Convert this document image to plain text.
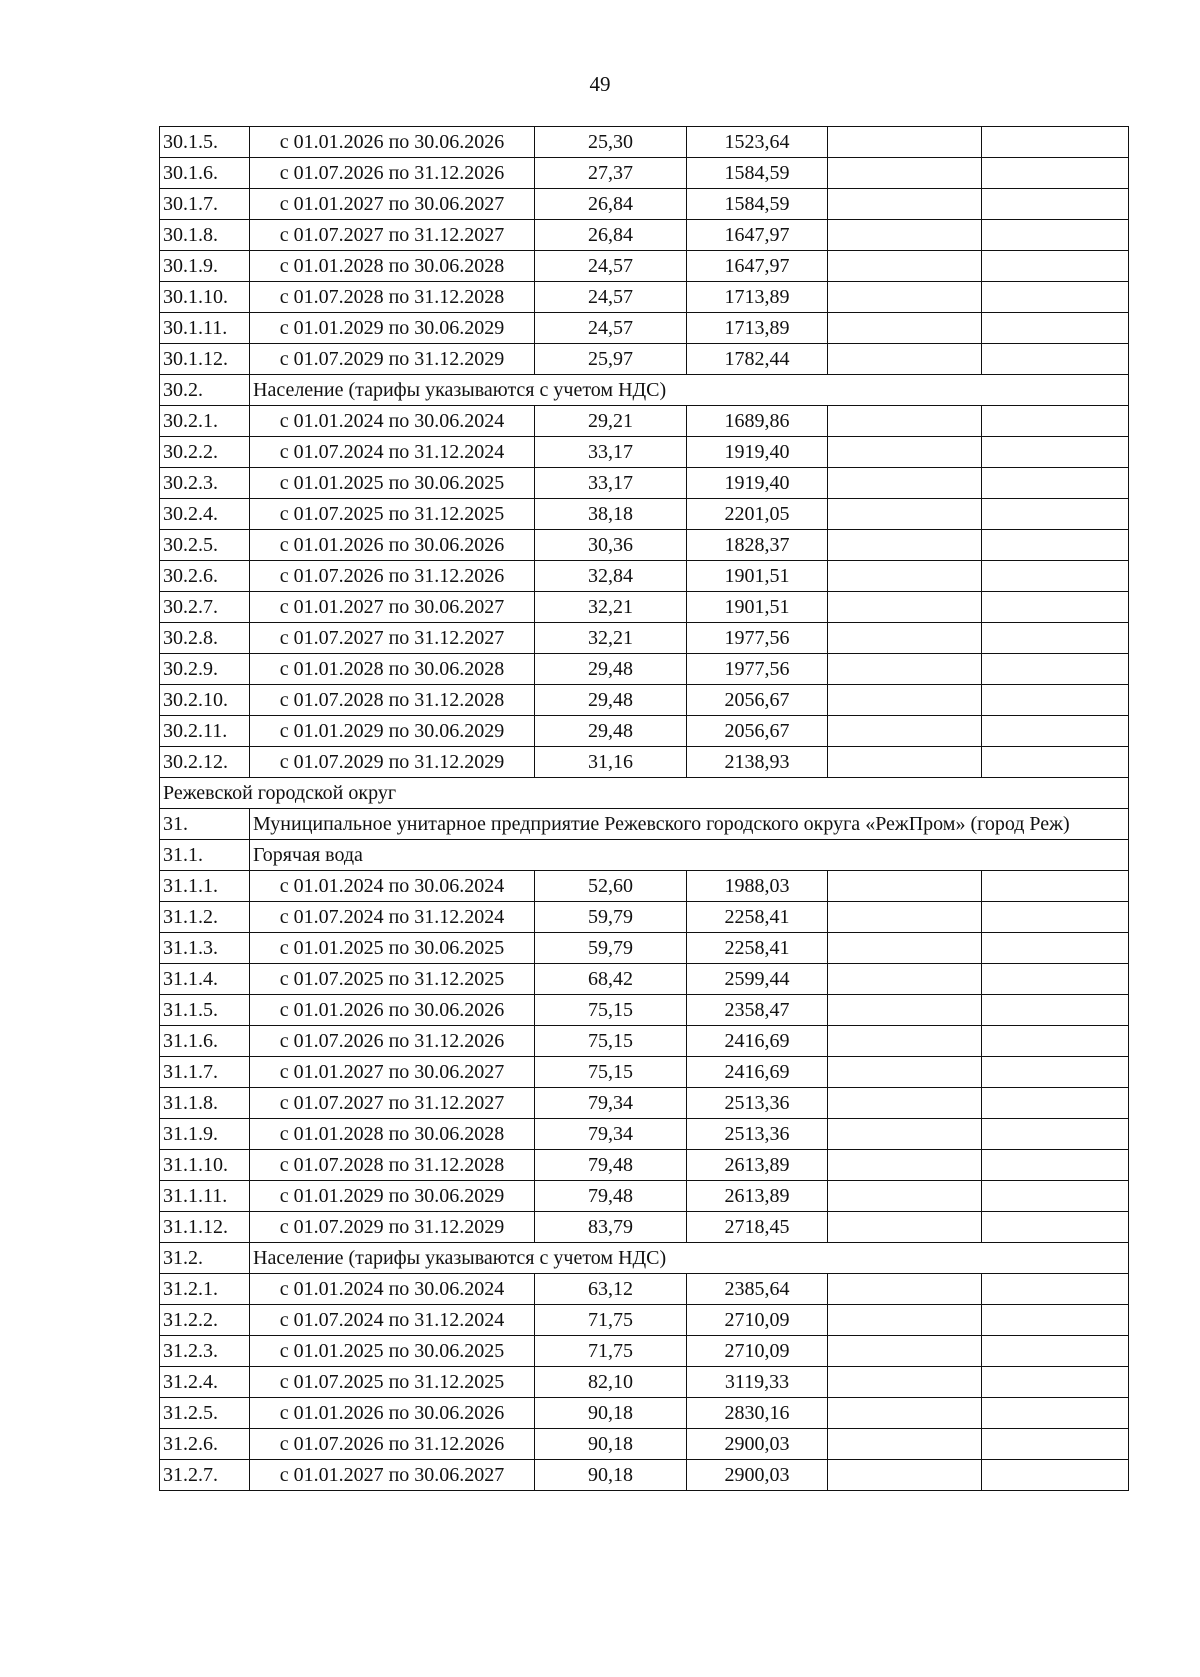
49
30.1.5.	с 01.01.2026 по 30.06.2026	25,30	1523,64		
30.1.6.	с 01.07.2026 по 31.12.2026	27,37	1584,59		
30.1.7.	с 01.01.2027 по 30.06.2027	26,84	1584,59		
30.1.8.	с 01.07.2027 по 31.12.2027	26,84	1647,97		
30.1.9.	с 01.01.2028 по 30.06.2028	24,57	1647,97		
30.1.10.	с 01.07.2028 по 31.12.2028	24,57	1713,89		
30.1.11.	с 01.01.2029 по 30.06.2029	24,57	1713,89		
30.1.12.	с 01.07.2029 по 31.12.2029	25,97	1782,44		
30.2.	Население (тарифы указываются с учетом НДС)				
30.2.1.	с 01.01.2024 по 30.06.2024	29,21	1689,86		
30.2.2.	с 01.07.2024 по 31.12.2024	33,17	1919,40		
30.2.3.	с 01.01.2025 по 30.06.2025	33,17	1919,40		
30.2.4.	с 01.07.2025 по 31.12.2025	38,18	2201,05		
30.2.5.	с 01.01.2026 по 30.06.2026	30,36	1828,37		
30.2.6.	с 01.07.2026 по 31.12.2026	32,84	1901,51		
30.2.7.	с 01.01.2027 по 30.06.2027	32,21	1901,51		
30.2.8.	с 01.07.2027 по 31.12.2027	32,21	1977,56		
30.2.9.	с 01.01.2028 по 30.06.2028	29,48	1977,56		
30.2.10.	с 01.07.2028 по 31.12.2028	29,48	2056,67		
30.2.11.	с 01.01.2029 по 30.06.2029	29,48	2056,67		
30.2.12.	с 01.07.2029 по 31.12.2029	31,16	2138,93		
Режевской городской округ					
31.	Муниципальное унитарное предприятие Режевского городского округа «РежПром» (город Реж)				
31.1.	Горячая вода				
31.1.1.	с 01.01.2024 по 30.06.2024	52,60	1988,03		
31.1.2.	с 01.07.2024 по 31.12.2024	59,79	2258,41		
31.1.3.	с 01.01.2025 по 30.06.2025	59,79	2258,41		
31.1.4.	с 01.07.2025 по 31.12.2025	68,42	2599,44		
31.1.5.	с 01.01.2026 по 30.06.2026	75,15	2358,47		
31.1.6.	с 01.07.2026 по 31.12.2026	75,15	2416,69		
31.1.7.	с 01.01.2027 по 30.06.2027	75,15	2416,69		
31.1.8.	с 01.07.2027 по 31.12.2027	79,34	2513,36		
31.1.9.	с 01.01.2028 по 30.06.2028	79,34	2513,36		
31.1.10.	с 01.07.2028 по 31.12.2028	79,48	2613,89		
31.1.11.	с 01.01.2029 по 30.06.2029	79,48	2613,89		
31.1.12.	с 01.07.2029 по 31.12.2029	83,79	2718,45		
31.2.	Население (тарифы указываются с учетом НДС)				
31.2.1.	с 01.01.2024 по 30.06.2024	63,12	2385,64		
31.2.2.	с 01.07.2024 по 31.12.2024	71,75	2710,09		
31.2.3.	с 01.01.2025 по 30.06.2025	71,75	2710,09		
31.2.4.	с 01.07.2025 по 31.12.2025	82,10	3119,33		
31.2.5.	с 01.01.2026 по 30.06.2026	90,18	2830,16		
31.2.6.	с 01.07.2026 по 31.12.2026	90,18	2900,03		
31.2.7.	с 01.01.2027 по 30.06.2027	90,18	2900,03		
